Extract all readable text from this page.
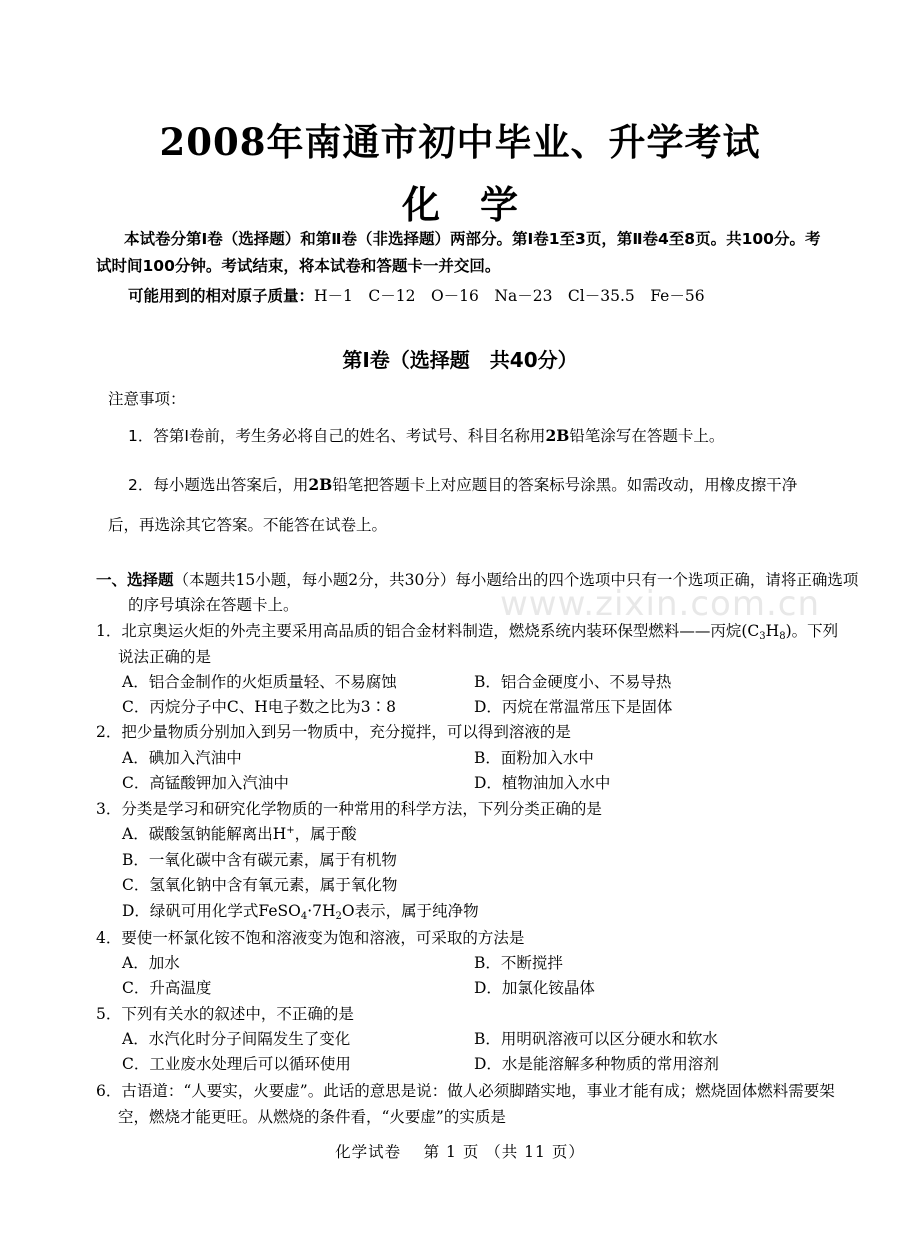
2008年南通市初中毕业、升学考试
化学
本试卷分第Ⅰ卷（选择题）和第Ⅱ卷（非选择题）两部分。第Ⅰ卷1至3页，第Ⅱ卷4至8页。共100分。考试时间100分钟。考试结束，将本试卷和答题卡一并交回。
可能用到的相对原子质量：H－1　C－12　O－16　Na－23　Cl－35.5　Fe－56
第Ⅰ卷（选择题　共40分）
注意事项：
1．答第Ⅰ卷前，考生务必将自己的姓名、考试号、科目名称用2B铅笔涂写在答题卡上。
2．每小题选出答案后，用2B铅笔把答题卡上对应题目的答案标号涂黑。如需改动，用橡皮擦干净后，再选涂其它答案。不能答在试卷上。
一、选择题（本题共15小题，每小题2分，共30分）每小题给出的四个选项中只有一个选项正确，请将正确选项的序号填涂在答题卡上。	www.zixin.com.cn
1．北京奥运火炬的外壳主要采用高品质的铝合金材料制造，燃烧系统内装环保型燃料——丙烷$(C_3H_8)$。下列说法正确的是
A．铝合金制作的火炬质量轻、不易腐蚀	B．铝合金硬度小、不易导热
C．丙烷分子中C、H电子数之比为3∶8	D．丙烷在常温常压下是固体
2．把少量物质分别加入到另一物质中，充分搅拌，可以得到溶液的是
A．碘加入汽油中	B．面粉加入水中
C．高锰酸钾加入汽油中	D．植物油加入水中
3．分类是学习和研究化学物质的一种常用的科学方法，下列分类正确的是
A．碳酸氢钠能解离出H+，属于酸
B．一氧化碳中含有碳元素，属于有机物
C．氢氧化钠中含有氧元素，属于氧化物
D．绿矾可用化学式$FeSO_4\cdot 7H_2O$表示，属于纯净物
4．要使一杯氯化铵不饱和溶液变为饱和溶液，可采取的方法是
A．加水	B．不断搅拌
C．升高温度	D．加氯化铵晶体
5．下列有关水的叙述中，不正确的是
A．水汽化时分子间隔发生了变化	B．用明矾溶液可以区分硬水和软水
C．工业废水处理后可以循环使用	D．水是能溶解多种物质的常用溶剂
6．古语道：“人要实，火要虚”。此话的意思是说：做人必须脚踏实地，事业才能有成；燃烧固体燃料需要架空，燃烧才能更旺。从燃烧的条件看，“火要虚”的实质是
化学试卷　 第 1 页 （共 11 页）
